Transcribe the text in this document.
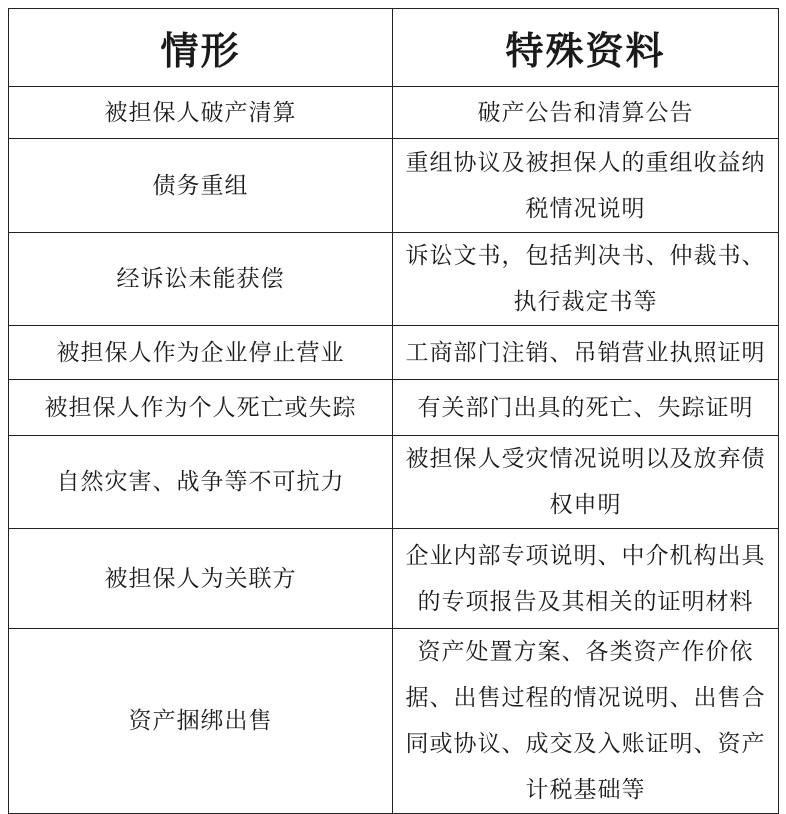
情形	特殊资料
被担保人破产清算	破产公告和清算公告
债务重组	重组协议及被担保人的重组收益纳税情况说明
经诉讼未能获偿	诉讼文书，包括判决书、仲裁书、执行裁定书等
被担保人作为企业停止营业	工商部门注销、吊销营业执照证明
被担保人作为个人死亡或失踪	有关部门出具的死亡、失踪证明
自然灾害、战争等不可抗力	被担保人受灾情况说明以及放弃债权申明
被担保人为关联方	企业内部专项说明、中介机构出具的专项报告及其相关的证明材料
资产捆绑出售	资产处置方案、各类资产作价依据、出售过程的情况说明、出售合同或协议、成交及入账证明、资产计税基础等
